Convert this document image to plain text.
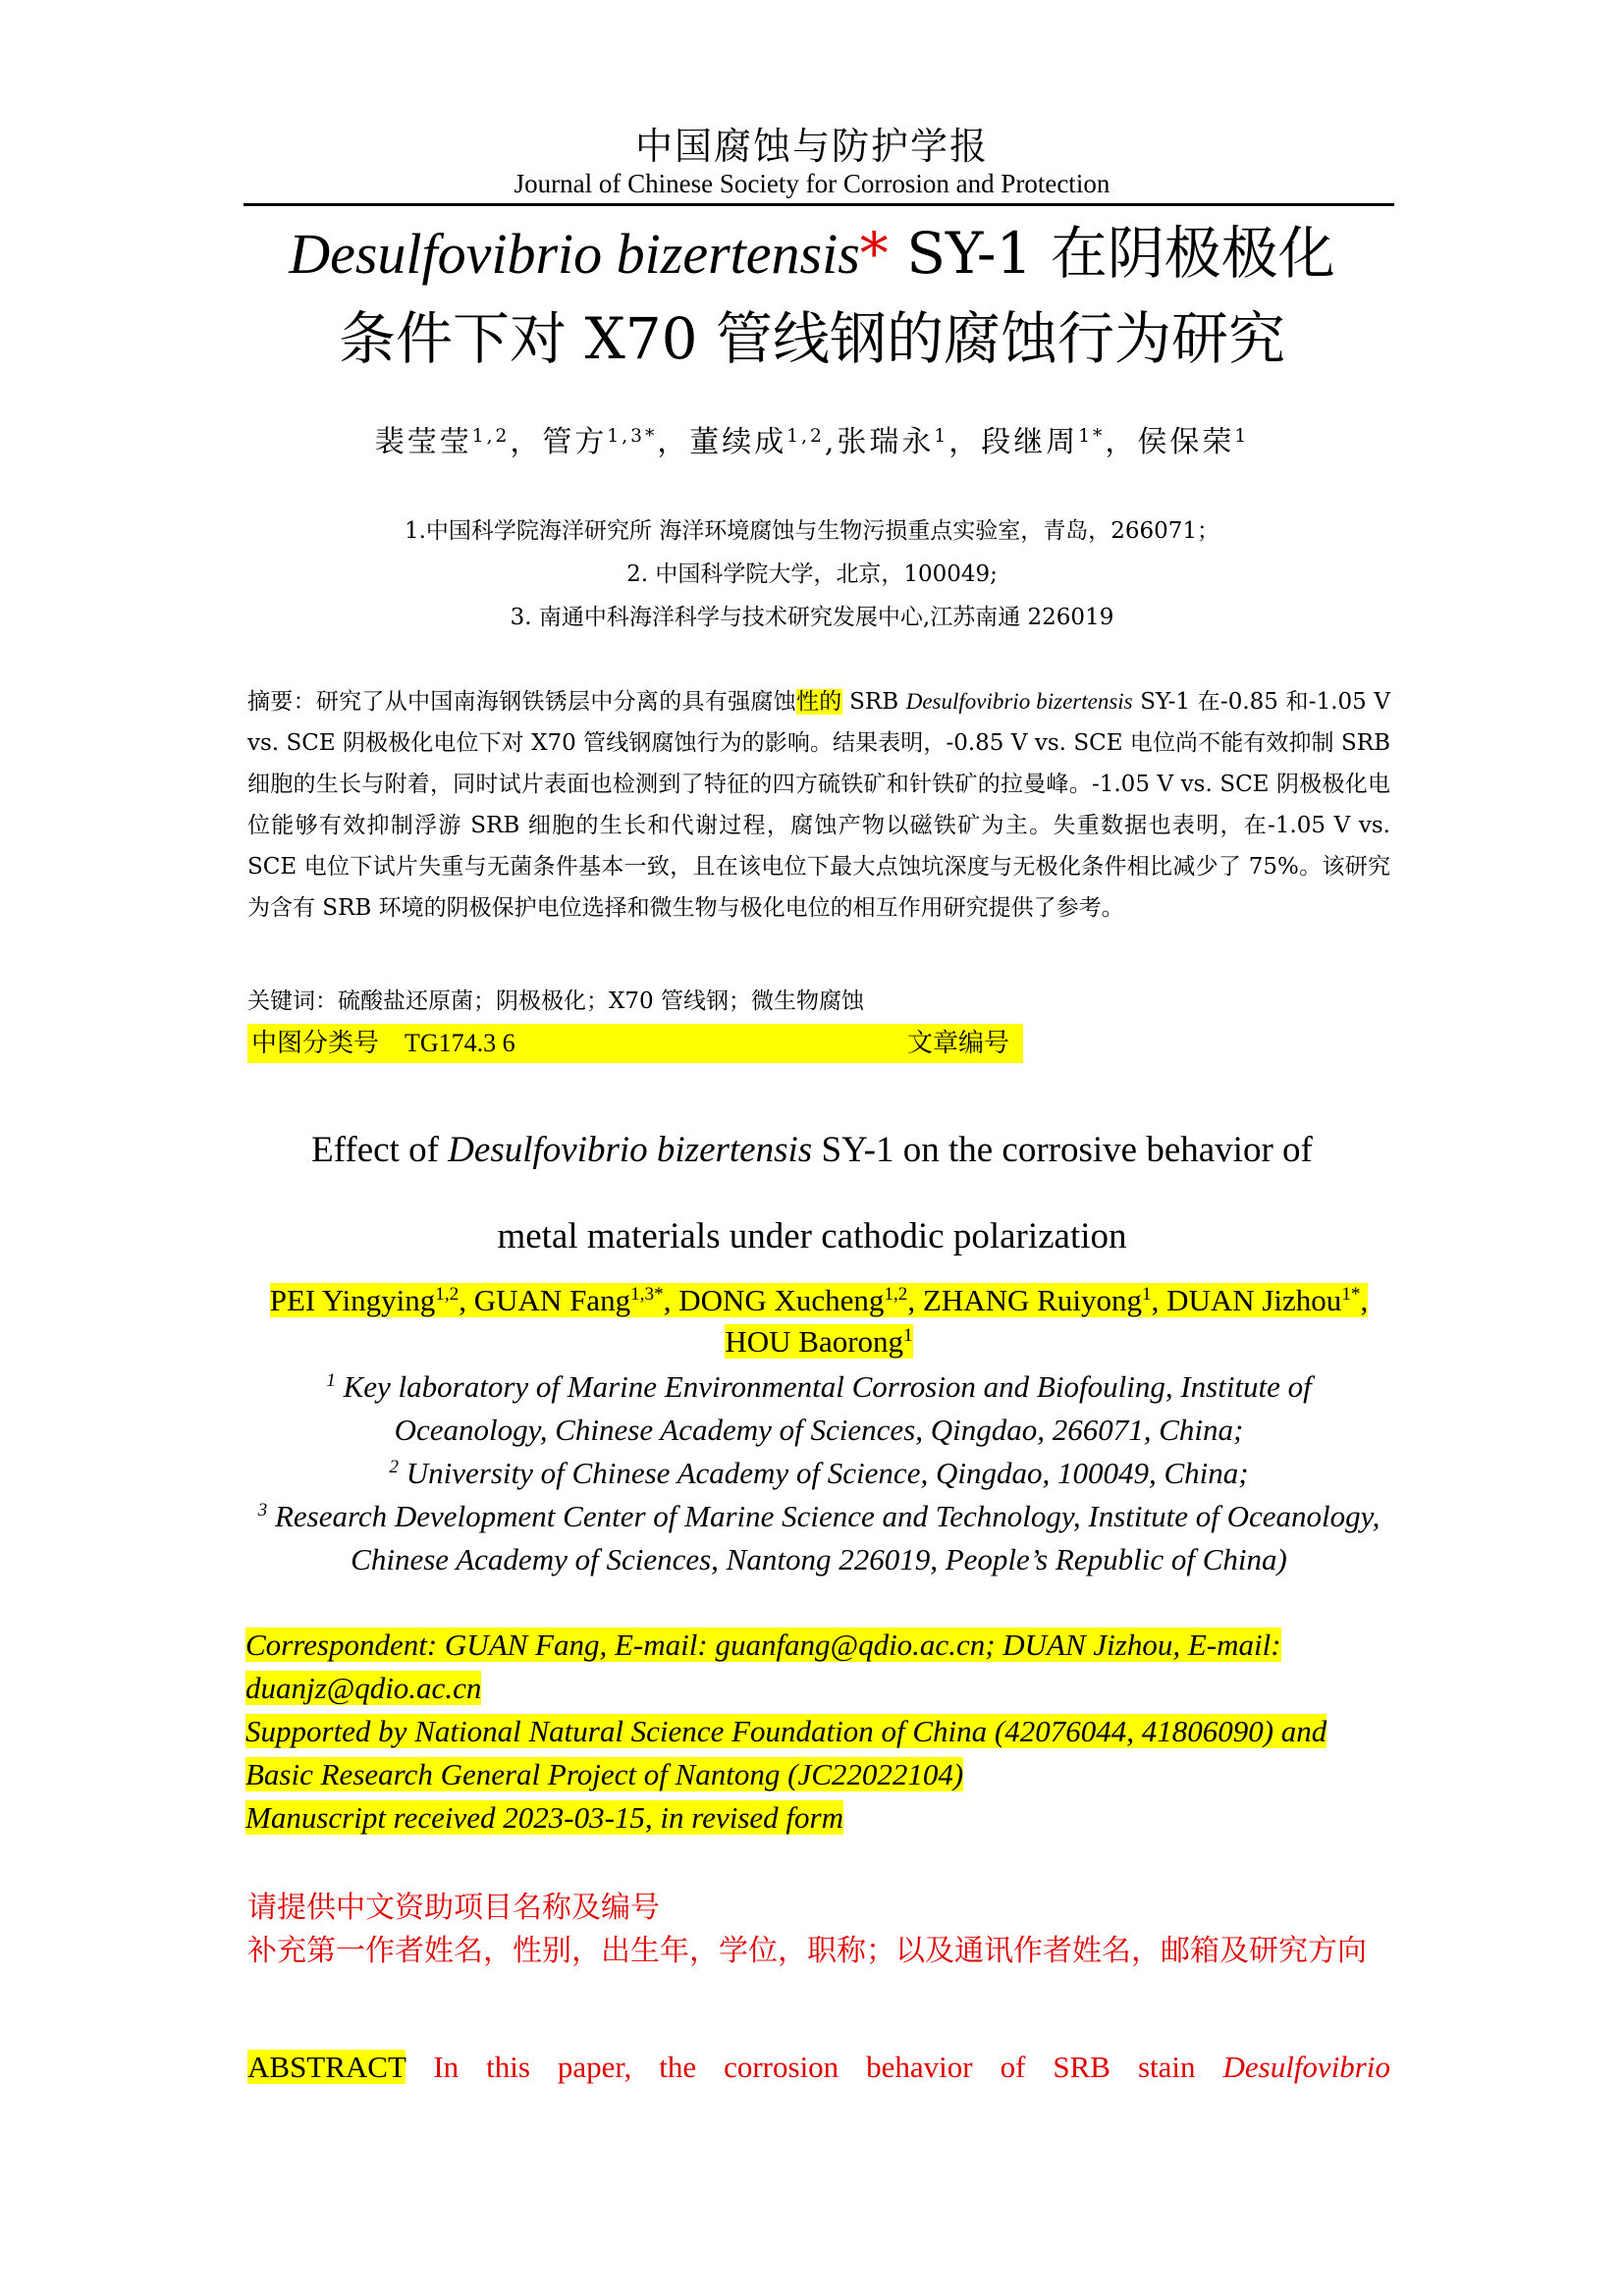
中国腐蚀与防护学报
Journal of Chinese Society for Corrosion and Protection
Desulfovibrio bizertensis* SY-1 在阴极极化
条件下对 X70 管线钢的腐蚀行为研究
裴莹莹$^{1,2}$，管方$^{1,3*}$，董续成$^{1,2}$,张瑞永$^1$，段继周$^{1*}$，侯保荣$^1$
1.中国科学院海洋研究所 海洋环境腐蚀与生物污损重点实验室，青岛，266071；
2. 中国科学院大学，北京，100049;
3. 南通中科海洋科学与技术研究发展中心,江苏南通 226019
摘要：研究了从中国南海钢铁锈层中分离的具有强腐蚀性的 SRB Desulfovibrio bizertensis SY-1 在-0.85 和-1.05 V vs. SCE 阴极极化电位下对 X70 管线钢腐蚀行为的影响。结果表明，-0.85 V vs. SCE 电位尚不能有效抑制 SRB 细胞的生长与附着，同时试片表面也检测到了特征的四方硫铁矿和针铁矿的拉曼峰。-1.05 V vs. SCE 阴极极化电位能够有效抑制浮游 SRB 细胞的生长和代谢过程，腐蚀产物以磁铁矿为主。失重数据也表明，在-1.05 V vs. SCE 电位下试片失重与无菌条件基本一致，且在该电位下最大点蚀坑深度与无极化条件相比减少了 75%。该研究为含有 SRB 环境的阴极保护电位选择和微生物与极化电位的相互作用研究提供了参考。
关键词：硫酸盐还原菌；阴极极化；X70 管线钢；微生物腐蚀
中图分类号 TG174.3 6	文章编号
Effect of Desulfovibrio bizertensis SY-1 on the corrosive behavior of
metal materials under cathodic polarization
PEI Yingying$^{1,2}$, GUAN Fang$^{1,3*}$, DONG Xucheng$^{1,2}$, ZHANG Ruiyong$^1$, DUAN Jizhou$^{1*}$, HOU Baorong$^1$
$^1$ Key laboratory of Marine Environmental Corrosion and Biofouling, Institute of Oceanology, Chinese Academy of Sciences, Qingdao, 266071, China;
$^2$ University of Chinese Academy of Science, Qingdao, 100049, China;
$^3$ Research Development Center of Marine Science and Technology, Institute of Oceanology, Chinese Academy of Sciences, Nantong 226019, People’s Republic of China)
Correspondent: GUAN Fang, E-mail: guanfang@qdio.ac.cn; DUAN Jizhou, E-mail: duanjz@qdio.ac.cn
Supported by National Natural Science Foundation of China (42076044, 41806090) and Basic Research General Project of Nantong (JC22022104)
Manuscript received 2023-03-15, in revised form
请提供中文资助项目名称及编号
补充第一作者姓名，性别，出生年，学位，职称；以及通讯作者姓名，邮箱及研究方向
ABSTRACT In this paper, the corrosion behavior of SRB stain Desulfovibrio
